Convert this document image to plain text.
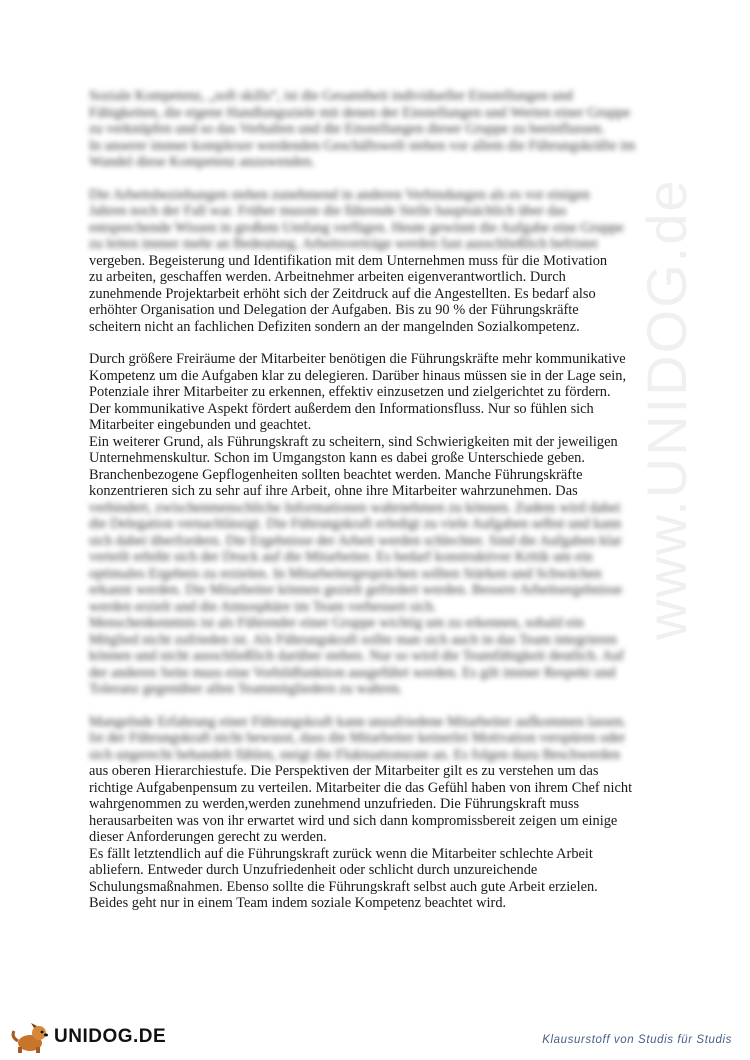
www.UNIDOG.de
Soziale Kompetenz, „soft skills“, ist die Gesamtheit individueller Einstellungen und
Fähigkeiten, die eigene Handlungsziele mit denen der Einstellungen und Werten einer Gruppe
zu verknüpfen und so das Verhalten und die Einstellungen dieser Gruppe zu beeinflussen.
In unserer immer komplexer werdenden Geschäftswelt stehen vor allem die Führungskräfte im
Wandel diese Kompetenz anzuwenden.
Die Arbeitsbeziehungen stehen zunehmend in anderen Verbindungen als es vor einigen
Jahren noch der Fall war. Früher musste die führende Stelle hauptsächlich über das
entsprechende Wissen in großem Umfang verfügen. Heute gewinnt die Aufgabe eine Gruppe
zu leiten immer mehr an Bedeutung. Arbeitsverträge werden fast ausschließlich befristet
vergeben. Begeisterung und Identifikation mit dem Unternehmen muss für die Motivation
zu arbeiten, geschaffen werden. Arbeitnehmer arbeiten eigenverantwortlich. Durch
zunehmende Projektarbeit erhöht sich der Zeitdruck auf die Angestellten. Es bedarf also
erhöhter Organisation und Delegation der Aufgaben. Bis zu 90 % der Führungskräfte
scheitern nicht an fachlichen Defiziten sondern an der mangelnden Sozialkompetenz.
Durch größere Freiräume der Mitarbeiter benötigen die Führungskräfte mehr kommunikative
Kompetenz um die Aufgaben klar zu delegieren. Darüber hinaus müssen sie in der Lage sein,
Potenziale ihrer Mitarbeiter zu erkennen, effektiv einzusetzen und zielgerichtet zu fördern.
Der kommunikative Aspekt fördert außerdem den Informationsfluss. Nur so fühlen sich
Mitarbeiter eingebunden und geachtet.
Ein weiterer Grund, als Führungskraft zu scheitern, sind Schwierigkeiten mit der jeweiligen
Unternehmenskultur. Schon im Umgangston kann es dabei große Unterschiede geben.
Branchenbezogene Gepflogenheiten sollten beachtet werden. Manche Führungskräfte
konzentrieren sich zu sehr auf ihre Arbeit, ohne ihre Mitarbeiter wahrzunehmen. Das
verhindert, zwischenmenschliche Informationen wahrnehmen zu können. Zudem wird dabei
die Delegation vernachlässigt. Die Führungskraft erledigt zu viele Aufgaben selbst und kann
sich dabei überfordern. Die Ergebnisse der Arbeit werden schlechter. Sind die Aufgaben klar
verteilt erhöht sich der Druck auf die Mitarbeiter. Es bedarf konstruktiver Kritik um ein
optimales Ergebnis zu erzielen. In Mitarbeitergesprächen sollten Stärken und Schwächen
erkannt werden. Die Mitarbeiter können gezielt gefördert werden. Bessere Arbeitsergebnisse
werden erzielt und die Atmosphäre im Team verbessert sich.
Menschenkenntnis ist als Führender einer Gruppe wichtig um zu erkennen, sobald ein
Mitglied nicht zufrieden ist. Als Führungskraft sollte man sich auch in das Team integrieren
können und nicht ausschließlich darüber stehen. Nur so wird die Teamfähigkeit deutlich. Auf
der anderen Seite muss eine Vorbildfunktion ausgeführt werden. Es gilt immer Respekt und
Toleranz gegenüber allen Teammitgliedern zu wahren.
Mangelnde Erfahrung einer Führungskraft kann unzufriedene Mitarbeiter aufkommen lassen.
Ist der Führungskraft nicht bewusst, dass die Mitarbeiter keinerlei Motivation verspüren oder
sich ungerecht behandelt fühlen, steigt die Fluktuationsrate an. Es folgen dazu Beschwerden
aus oberen Hierarchiestufe. Die Perspektiven der Mitarbeiter gilt es zu verstehen um das
richtige Aufgabenpensum zu verteilen. Mitarbeiter die das Gefühl haben von ihrem Chef nicht
wahrgenommen zu werden,werden zunehmend unzufrieden. Die Führungskraft muss
herausarbeiten was von ihr erwartet wird und sich dann kompromissbereit zeigen um einige
dieser Anforderungen gerecht zu werden.
Es fällt letztendlich auf die Führungskraft zurück wenn die Mitarbeiter schlechte Arbeit
abliefern. Entweder durch Unzufriedenheit oder schlicht durch unzureichende
Schulungsmaßnahmen. Ebenso sollte die Führungskraft selbst auch gute Arbeit erzielen.
Beides geht nur in einem Team indem soziale Kompetenz beachtet wird.
UNIDOG.DE	Klausurstoff von Studis für Studis
